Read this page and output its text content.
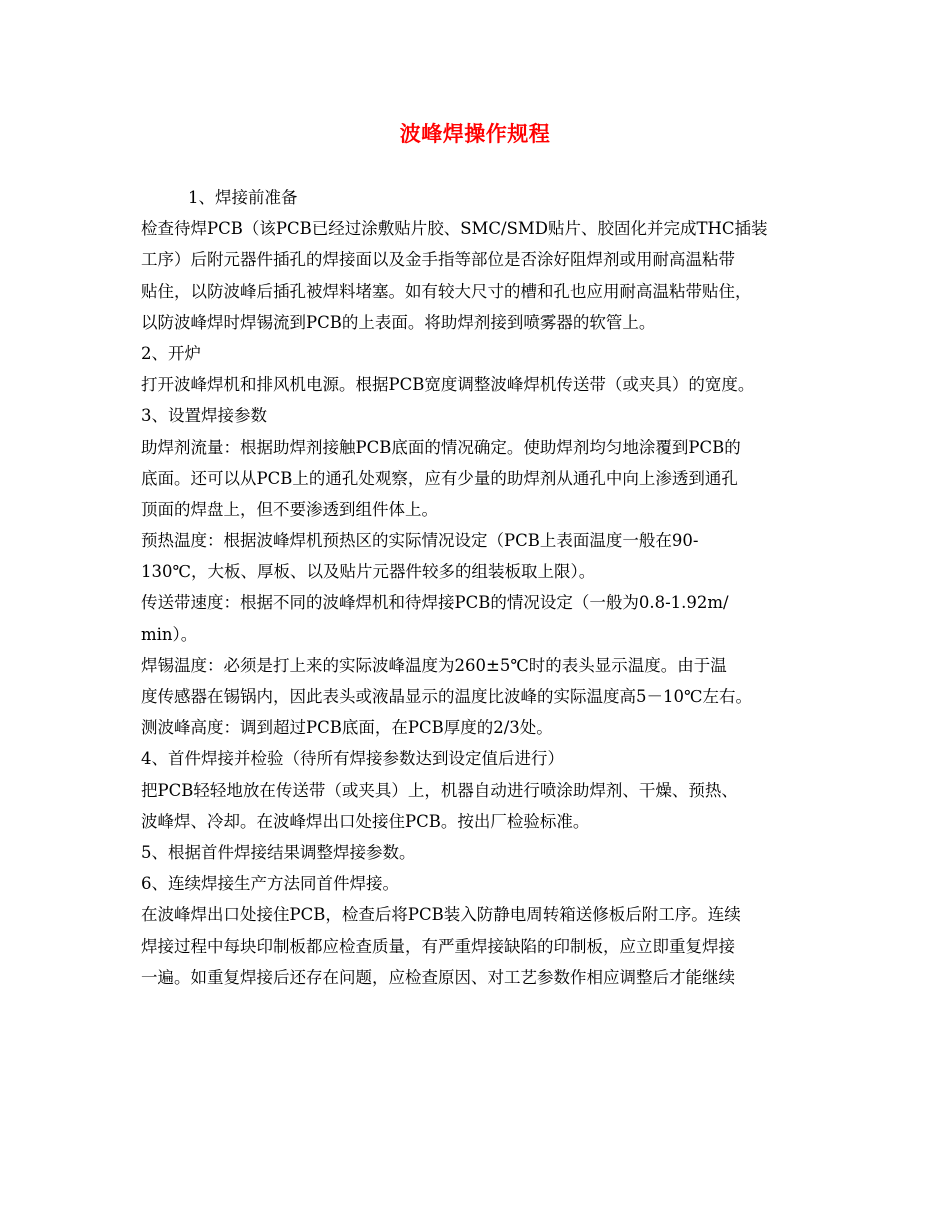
波峰焊操作规程
1、焊接前准备
检查待焊PCB（该PCB已经过涂敷贴片胶、SMC/SMD贴片、胶固化并完成THC插装
工序）后附元器件插孔的焊接面以及金手指等部位是否涂好阻焊剂或用耐高温粘带
贴住，以防波峰后插孔被焊料堵塞。如有较大尺寸的槽和孔也应用耐高温粘带贴住，
以防波峰焊时焊锡流到PCB的上表面。将助焊剂接到喷雾器的软管上。
2、开炉
打开波峰焊机和排风机电源。根据PCB宽度调整波峰焊机传送带（或夹具）的宽度。
3、设置焊接参数
助焊剂流量：根据助焊剂接触PCB底面的情况确定。使助焊剂均匀地涂覆到PCB的
底面。还可以从PCB上的通孔处观察，应有少量的助焊剂从通孔中向上渗透到通孔
顶面的焊盘上，但不要渗透到组件体上。
预热温度：根据波峰焊机预热区的实际情况设定（PCB上表面温度一般在90-
130℃，大板、厚板、以及贴片元器件较多的组装板取上限）。
传送带速度：根据不同的波峰焊机和待焊接PCB的情况设定（一般为0.8-1.92m/
min）。
焊锡温度：必须是打上来的实际波峰温度为260±5℃时的表头显示温度。由于温
度传感器在锡锅内，因此表头或液晶显示的温度比波峰的实际温度高5－10℃左右。
测波峰高度：调到超过PCB底面，在PCB厚度的2/3处。
4、首件焊接并检验（待所有焊接参数达到设定值后进行）
把PCB轻轻地放在传送带（或夹具）上，机器自动进行喷涂助焊剂、干燥、预热、
波峰焊、冷却。在波峰焊出口处接住PCB。按出厂检验标准。
5、根据首件焊接结果调整焊接参数。
6、连续焊接生产方法同首件焊接。
在波峰焊出口处接住PCB，检查后将PCB装入防静电周转箱送修板后附工序。连续
焊接过程中每块印制板都应检查质量，有严重焊接缺陷的印制板，应立即重复焊接
一遍。如重复焊接后还存在问题，应检查原因、对工艺参数作相应调整后才能继续
